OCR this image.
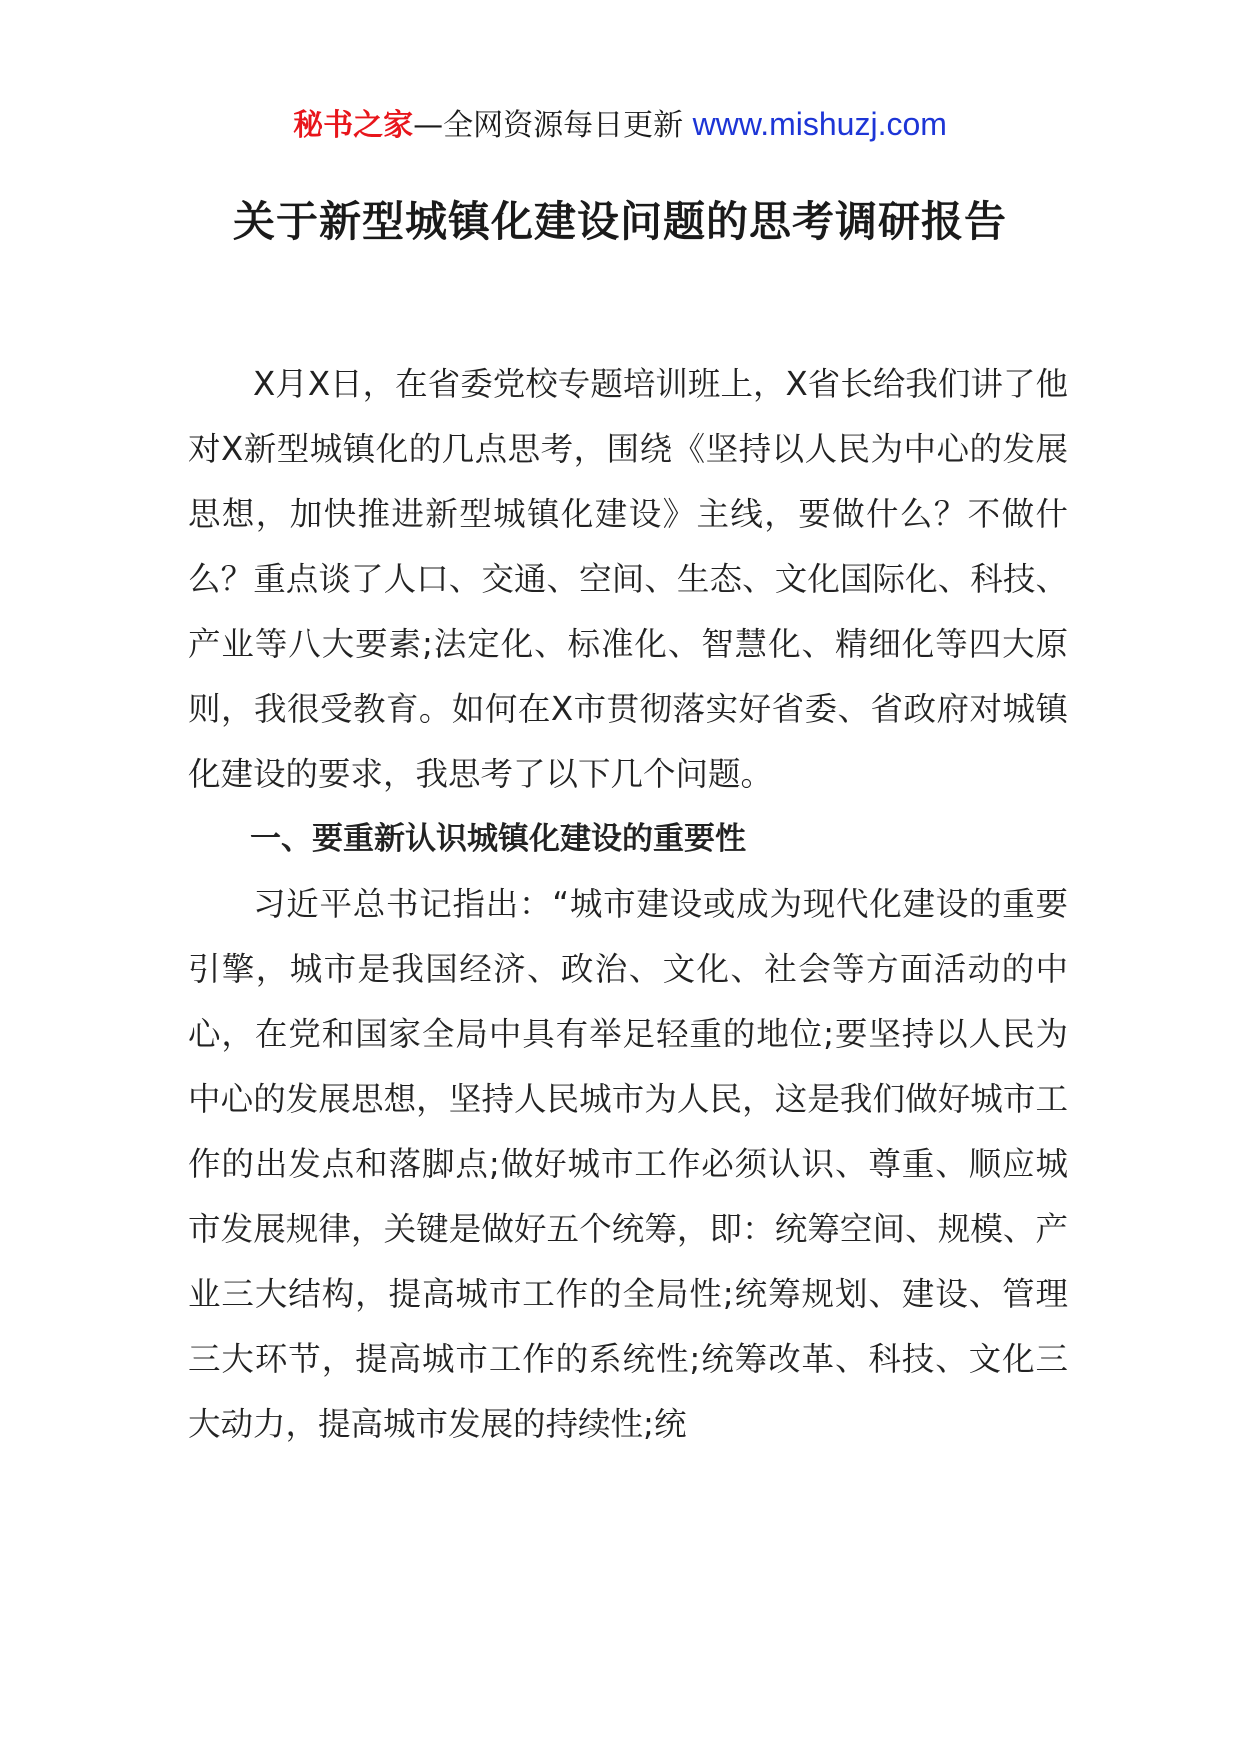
秘书之家—全网资源每日更新 www.mishuzj.com
关于新型城镇化建设问题的思考调研报告

X月X日，在省委党校专题培训班上，X省长给我们讲了他对X新型城镇化的几点思考，围绕《坚持以人民为中心的发展思想，加快推进新型城镇化建设》主线，要做什么？不做什么？重点谈了人口、交通、空间、生态、文化国际化、科技、产业等八大要素;法定化、标准化、智慧化、精细化等四大原则，我很受教育。如何在X市贯彻落实好省委、省政府对城镇化建设的要求，我思考了以下几个问题。

一、要重新认识城镇化建设的重要性

习近平总书记指出：“城市建设或成为现代化建设的重要引擎，城市是我国经济、政治、文化、社会等方面活动的中心，在党和国家全局中具有举足轻重的地位;要坚持以人民为中心的发展思想，坚持人民城市为人民，这是我们做好城市工作的出发点和落脚点;做好城市工作必须认识、尊重、顺应城市发展规律，关键是做好五个统筹，即：统筹空间、规模、产业三大结构，提高城市工作的全局性;统筹规划、建设、管理三大环节，提高城市工作的系统性;统筹改革、科技、文化三大动力，提高城市发展的持续性;统
